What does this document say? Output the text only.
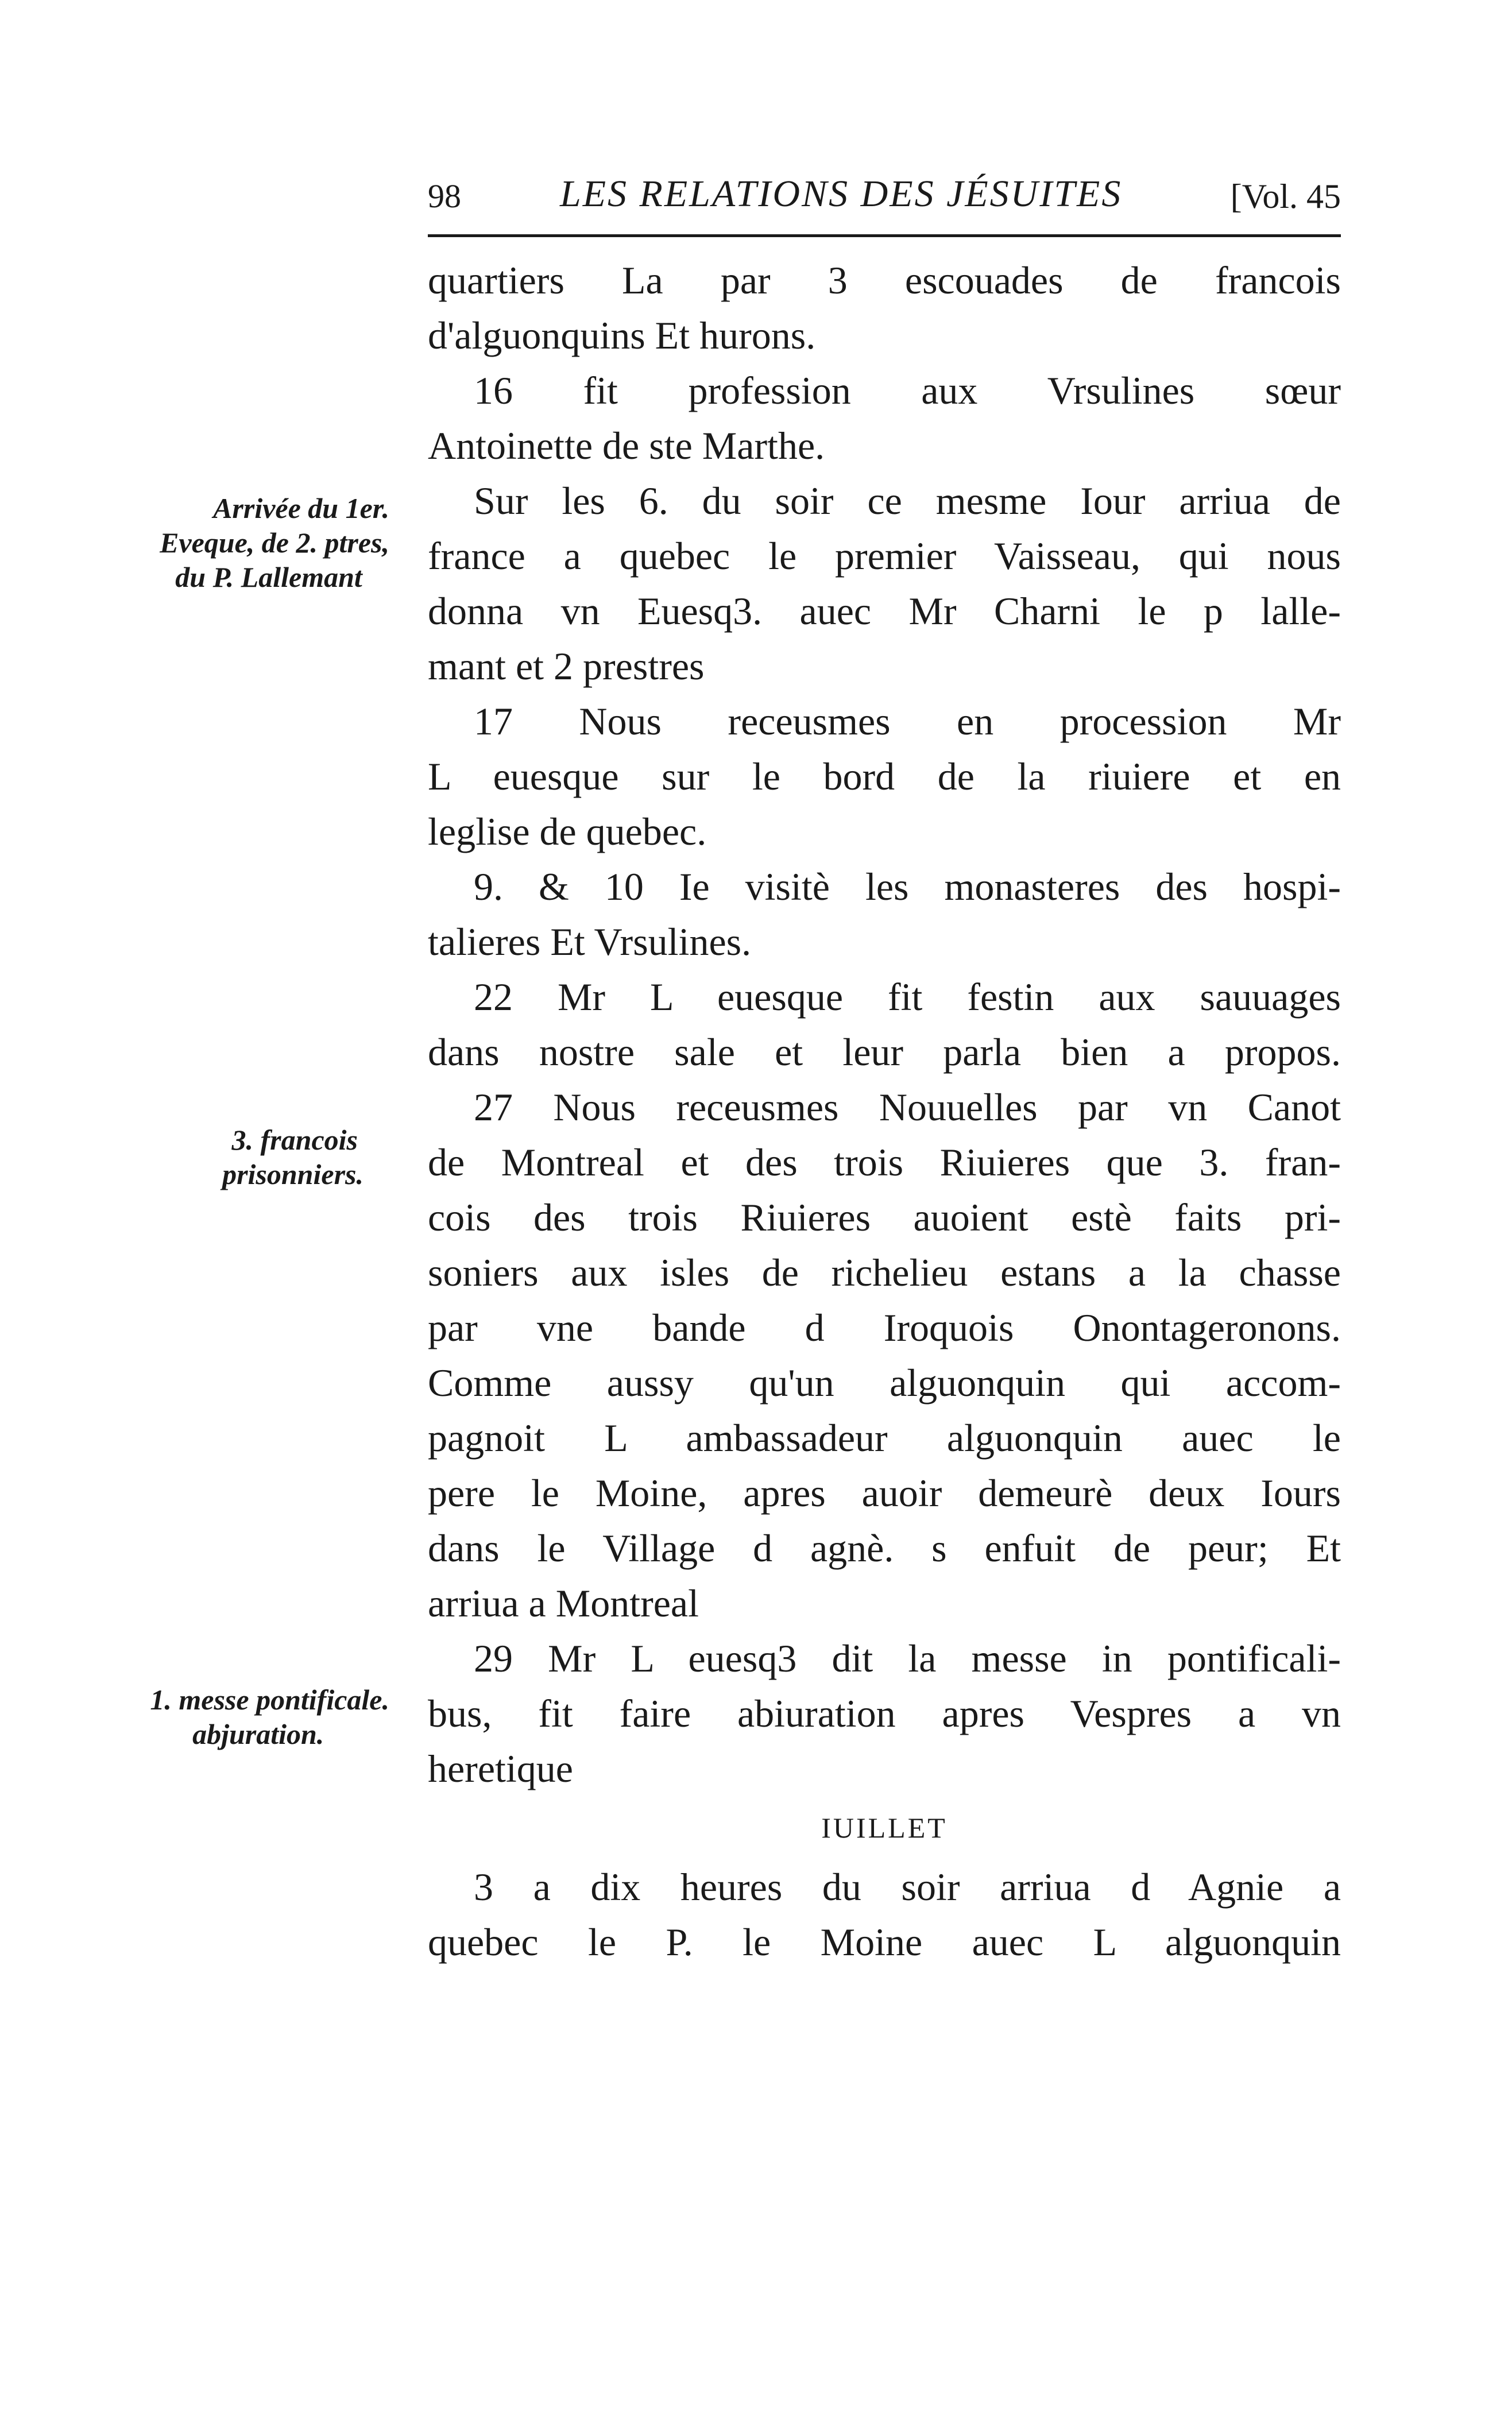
98	LES RELATIONS DES JÉSUITES	[Vol. 45
Arrivée du 1er.
Eveque, de 2. ptres,
du P. Lallemant
3. francois
prisonniers.
1. messe pontificale.
abjuration.
quartiers La par 3 escouades de francois
d'alguonquins Et hurons.
16 fit profession aux Vrsulines sœur
Antoinette de ste Marthe.
Sur les 6. du soir ce mesme Iour arriua de
france a quebec le premier Vaisseau, qui nous
donna vn Euesq3. auec Mr Charni le p lalle-
mant et 2 prestres
17 Nous receusmes en procession Mr
L euesque sur le bord de la riuiere et en
leglise de quebec.
9. & 10 Ie visitè les monasteres des hospi-
talieres Et Vrsulines.
22 Mr L euesque fit festin aux sauuages
dans nostre sale et leur parla bien a propos.
27 Nous receusmes Nouuelles par vn Canot
de Montreal et des trois Riuieres que 3. fran-
cois des trois Riuieres auoient estè faits pri-
soniers aux isles de richelieu estans a la chasse
par vne bande d Iroquois Onontageronons.
Comme aussy qu'un alguonquin qui accom-
pagnoit L ambassadeur alguonquin auec le
pere le Moine, apres auoir demeurè deux Iours
dans le Village d agnè. s enfuit de peur; Et
arriua a Montreal
29 Mr L euesq3 dit la messe in pontificali-
bus, fit faire abiuration apres Vespres a vn
heretique
IUILLET
3 a dix heures du soir arriua d Agnie a
quebec le P. le Moine auec L alguonquin
